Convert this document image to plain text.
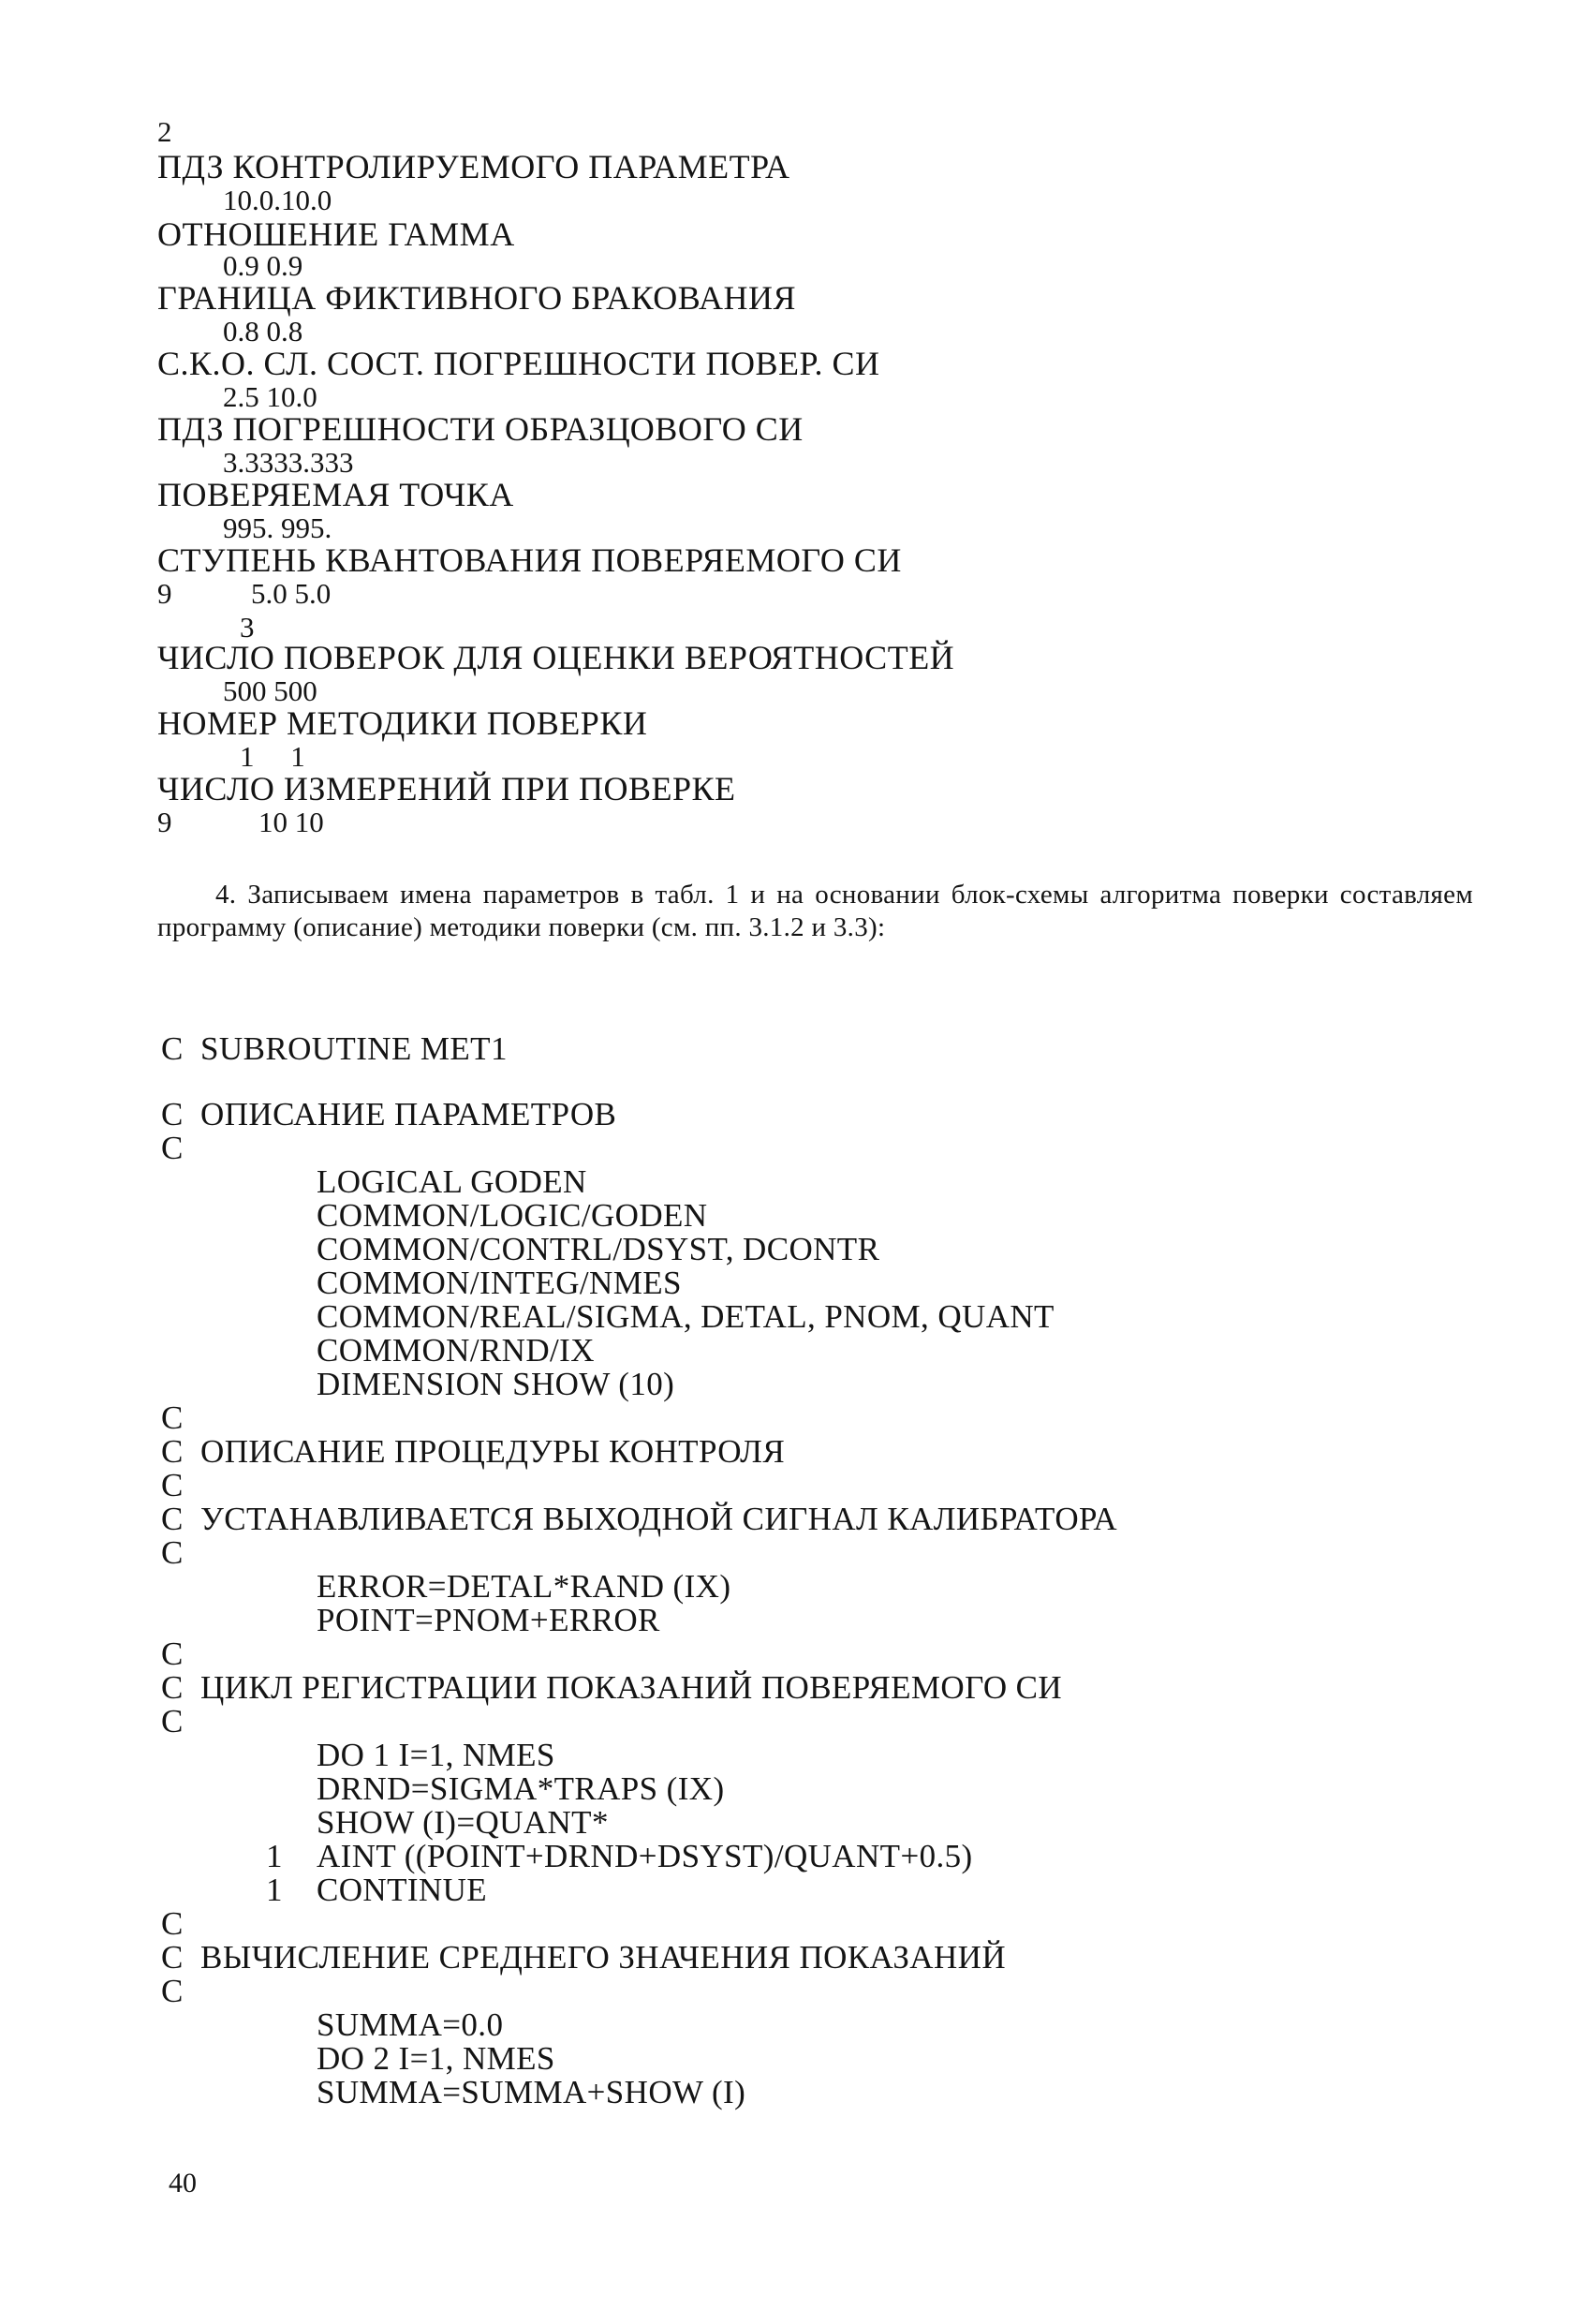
2
ПДЗ КОНТРОЛИРУЕМОГО ПАРАМЕТРА
10.0.10.0
ОТНОШЕНИЕ ГАММА
0.9 0.9
ГРАНИЦА ФИКТИВНОГО БРАКОВАНИЯ
0.8 0.8
С.К.О. СЛ. СОСТ. ПОГРЕШНОСТИ ПОВЕР. СИ
2.5 10.0
ПДЗ ПОГРЕШНОСТИ ОБРАЗЦОВОГО СИ
3.3333.333
ПОВЕРЯЕМАЯ ТОЧКА
995. 995.
СТУПЕНЬ КВАНТОВАНИЯ ПОВЕРЯЕМОГО СИ
9	5.0 5.0
3
ЧИСЛО ПОВЕРОК ДЛЯ ОЦЕНКИ ВЕРОЯТНОСТЕЙ
500 500
НОМЕР МЕТОДИКИ ПОВЕРКИ
1     1
ЧИСЛО ИЗМЕРЕНИЙ ПРИ ПОВЕРКЕ
9	10 10
4. Записываем имена параметров в табл. 1 и на основании блок-схемы алгоритма поверки составляем программу (описание) методики поверки (см. пп. 3.1.2 и 3.3):
C  SUBROUTINE MET1
C  ОПИСАНИЕ ПАРАМЕТРОВ
C
LOGICAL GODEN
COMMON/LOGIC/GODEN
COMMON/CONTRL/DSYST, DCONTR
COMMON/INTEG/NMES
COMMON/REAL/SIGMA, DETAL, PNOM, QUANT
COMMON/RND/IX
DIMENSION SHOW (10)
C
C  ОПИСАНИЕ ПРОЦЕДУРЫ КОНТРОЛЯ
C
C  УСТАНАВЛИВАЕТСЯ ВЫХОДНОЙ СИГНАЛ КАЛИБРАТОРА
C
ERROR=DETAL*RAND (IX)
POINT=PNOM+ERROR
C
C  ЦИКЛ РЕГИСТРАЦИИ ПОКАЗАНИЙ ПОВЕРЯЕМОГО СИ
C
DO 1 I=1, NMES
DRND=SIGMA*TRAPS (IX)
SHOW (I)=QUANT*
1 AINT ((POINT+DRND+DSYST)/QUANT+0.5)
1 CONTINUE
C
C  ВЫЧИСЛЕНИЕ СРЕДНЕГО ЗНАЧЕНИЯ ПОКАЗАНИЙ
C
SUMMA=0.0
DO 2 I=1, NMES
SUMMA=SUMMA+SHOW (I)
40
